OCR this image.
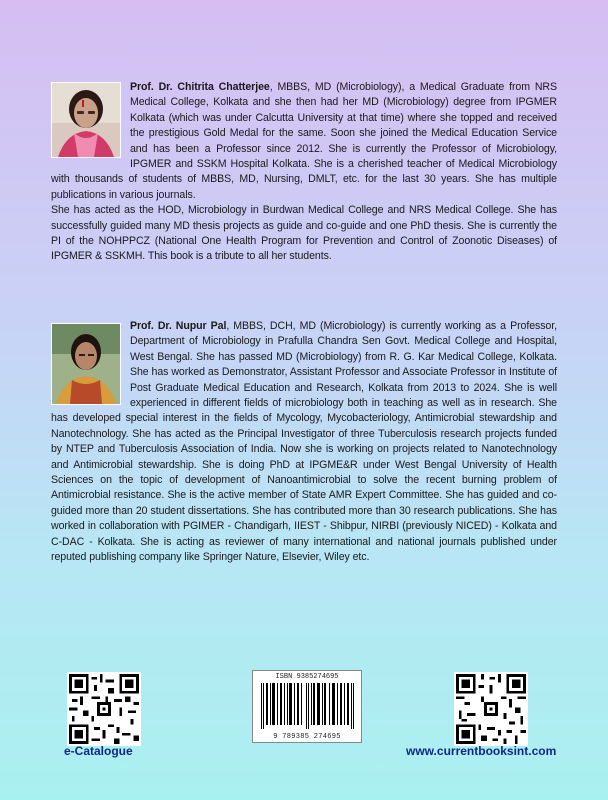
Prof. Dr. Chitrita Chatterjee, MBBS, MD (Microbiology), a Medical Graduate from NRS Medical College, Kolkata and she then had her MD (Microbiology) degree from IPGMER Kolkata (which was under Calcutta University at that time) where she topped and received the prestigious Gold Medal for the same. Soon she joined the Medical Education Service and has been a Professor since 2012. She is currently the Professor of Microbiology, IPGMER and SSKM Hospital Kolkata. She is a cherished teacher of Medical Microbiology with thousands of students of MBBS, MD, Nursing, DMLT, etc. for the last 30 years. She has multiple publications in various journals.

She has acted as the HOD, Microbiology in Burdwan Medical College and NRS Medical College. She has successfully guided many MD thesis projects as guide and co-guide and one PhD thesis. She is currently the PI of the NOHPPCZ (National One Health Program for Prevention and Control of Zoonotic Diseases) of IPGMER & SSKMH. This book is a tribute to all her students.

Prof. Dr. Nupur Pal, MBBS, DCH, MD (Microbiology) is currently working as a Professor, Department of Microbiology in Prafulla Chandra Sen Govt. Medical College and Hospital, West Bengal. She has passed MD (Microbiology) from R. G. Kar Medical College, Kolkata. She has worked as Demonstrator, Assistant Professor and Associate Professor in Institute of Post Graduate Medical Education and Research, Kolkata from 2013 to 2024. She is well experienced in different fields of microbiology both in teaching as well as in research. She has developed special interest in the fields of Mycology, Mycobacteriology, Antimicrobial stewardship and Nanotechnology. She has acted as the Principal Investigator of three Tuberculosis research projects funded by NTEP and Tuberculosis Association of India. Now she is working on projects related to Nanotechnology and Antimicrobial stewardship. She is doing PhD at IPGME&R under West Bengal University of Health Sciences on the topic of development of Nanoantimicrobial to solve the recent burning problem of Antimicrobial resistance. She is the active member of State AMR Expert Committee. She has guided and co-guided more than 20 student dissertations. She has contributed more than 30 research publications. She has worked in collaboration with PGIMER - Chandigarh, IIEST - Shibpur, NIRBI (previously NICED) - Kolkata and C-DAC - Kolkata. She is acting as reviewer of many international and national journals published under reputed publishing company like Springer Nature, Elsevier, Wiley etc.

e-Catalogue
ISBN 9385274695
9 789385 274695
www.currentbooksint.com
